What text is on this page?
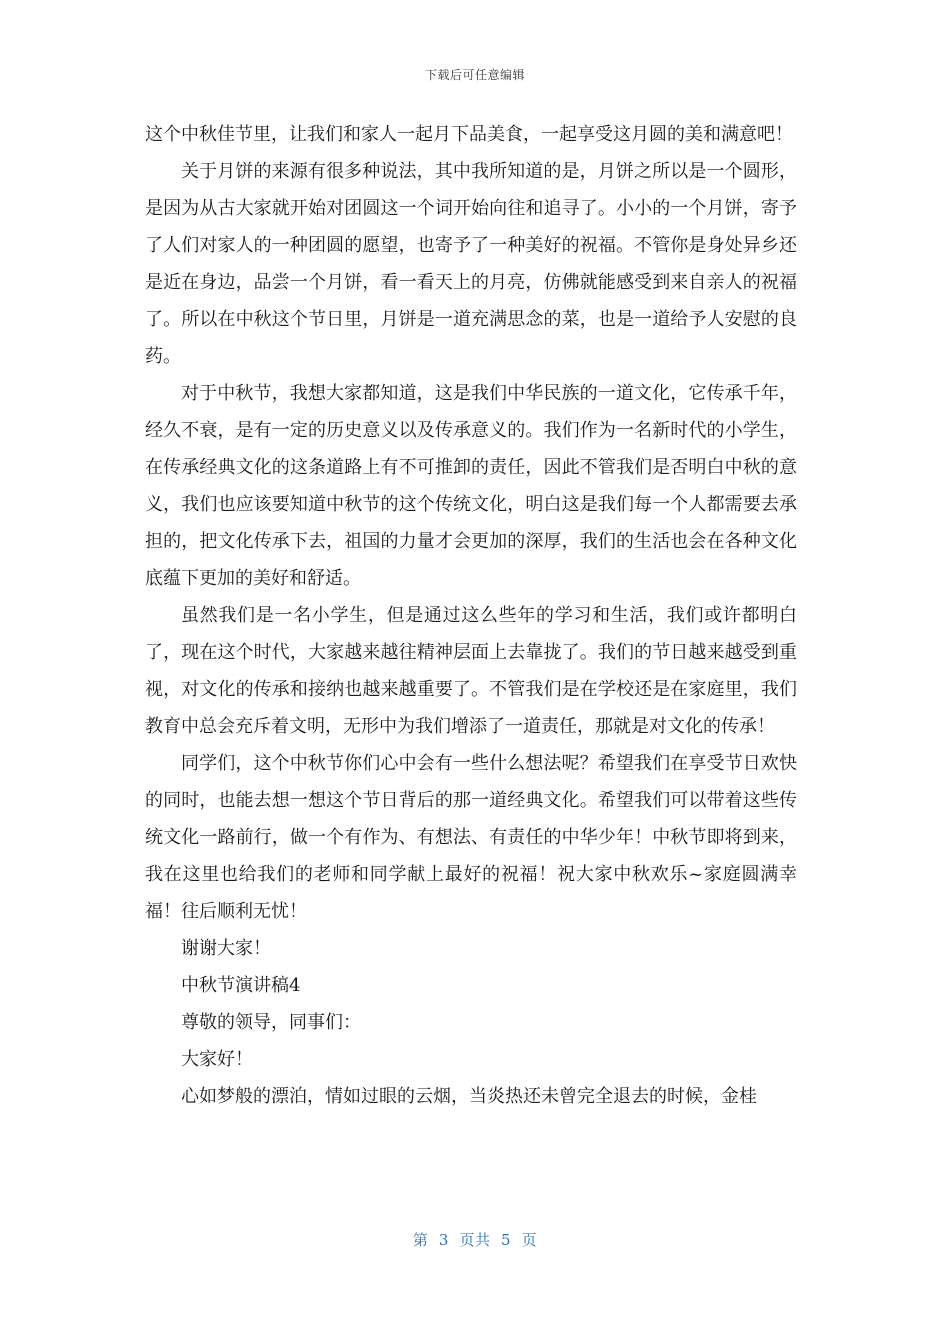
下载后可任意编辑

这个中秋佳节里，让我们和家人一起月下品美食，一起享受这月圆的美和满意吧！

关于月饼的来源有很多种说法，其中我所知道的是，月饼之所以是一个圆形，是因为从古大家就开始对团圆这一个词开始向往和追寻了。小小的一个月饼，寄予了人们对家人的一种团圆的愿望，也寄予了一种美好的祝福。不管你是身处异乡还是近在身边，品尝一个月饼，看一看天上的月亮，仿佛就能感受到来自亲人的祝福了。所以在中秋这个节日里，月饼是一道充满思念的菜，也是一道给予人安慰的良药。

对于中秋节，我想大家都知道，这是我们中华民族的一道文化，它传承千年，经久不衰，是有一定的历史意义以及传承意义的。我们作为一名新时代的小学生，在传承经典文化的这条道路上有不可推卸的责任，因此不管我们是否明白中秋的意义，我们也应该要知道中秋节的这个传统文化，明白这是我们每一个人都需要去承担的，把文化传承下去，祖国的力量才会更加的深厚，我们的生活也会在各种文化底蕴下更加的美好和舒适。

虽然我们是一名小学生，但是通过这么些年的学习和生活，我们或许都明白了，现在这个时代，大家越来越往精神层面上去靠拢了。我们的节日越来越受到重视，对文化的传承和接纳也越来越重要了。不管我们是在学校还是在家庭里，我们教育中总会充斥着文明，无形中为我们增添了一道责任，那就是对文化的传承！

同学们，这个中秋节你们心中会有一些什么想法呢？希望我们在享受节日欢快的同时，也能去想一想这个节日背后的那一道经典文化。希望我们可以带着这些传统文化一路前行，做一个有作为、有想法、有责任的中华少年！中秋节即将到来，我在这里也给我们的老师和同学献上最好的祝福！祝大家中秋欢乐~家庭圆满幸福！往后顺利无忧！

谢谢大家！

中秋节演讲稿4

尊敬的领导，同事们：

大家好！

心如梦般的漂泊，情如过眼的云烟，当炎热还未曾完全退去的时候，金桂

第  3  页共  5  页
